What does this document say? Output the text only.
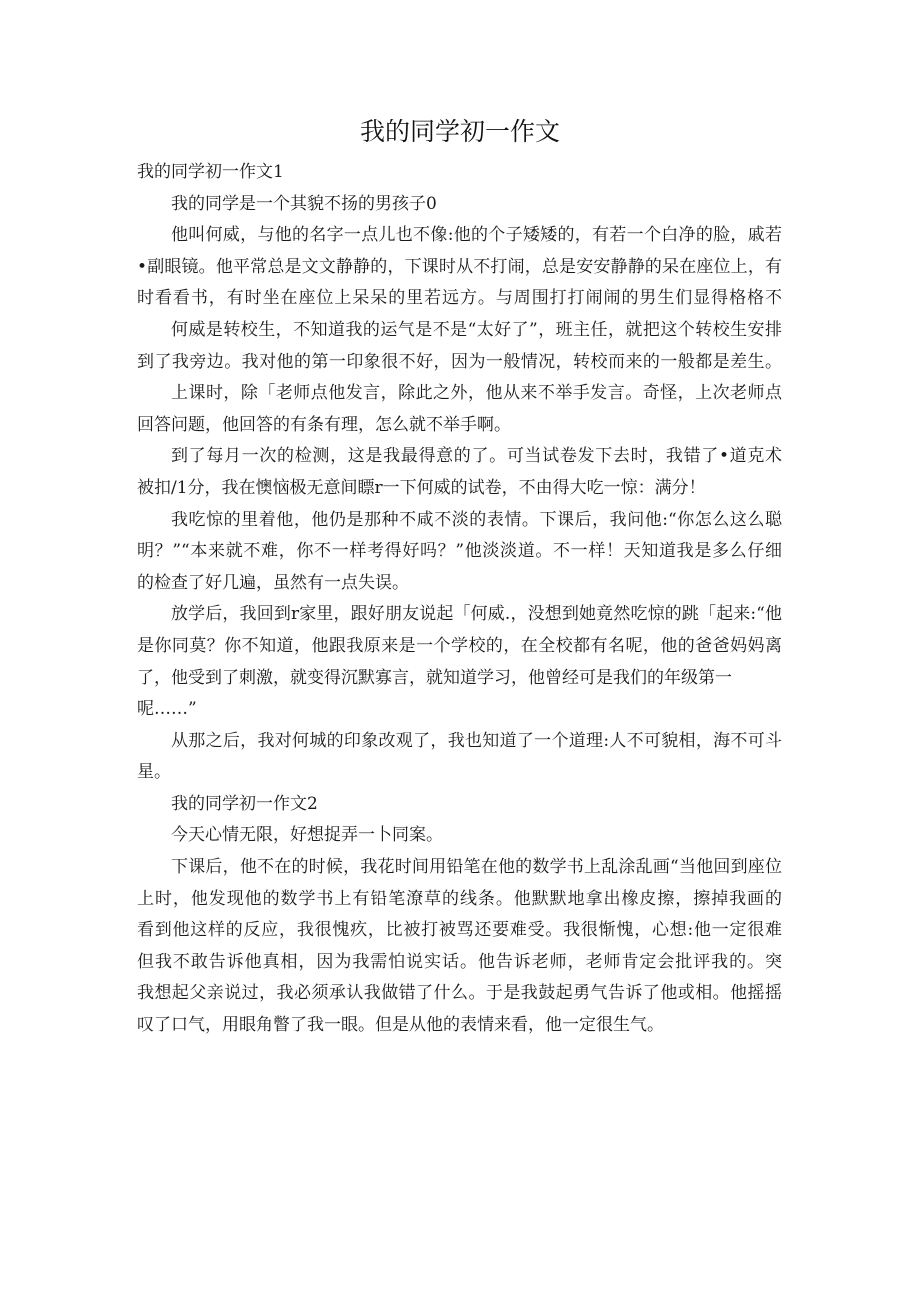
我的同学初一作文

我的同学初一作文1

我的同学是一个其貌不扬的男孩子0

他叫何威，与他的名字一点儿也不像:他的个子矮矮的，有若一个白净的脸，戚若

•副眼镜。他平常总是文文静静的，下课时从不打闹，总是安安静静的呆在座位上，有

时看看书，有时坐在座位上呆呆的里若远方。与周围打打闹闹的男生们显得格格不

何威是转校生，不知道我的运气是不是“太好了”，班主任，就把这个转校生安排

到了我旁边。我对他的第一印象很不好，因为一般情况，转校而来的一般都是差生。

上课时，除「老师点他发言，除此之外，他从来不举手发言。奇怪，上次老师点

回答问题，他回答的有条有理，怎么就不举手啊。

到了每月一次的检测，这是我最得意的了。可当试卷发下去时，我错了•道克术

被扣/1分，我在懊恼极无意间瞟r一下何威的试卷，不由得大吃一惊：满分！

我吃惊的里着他，他仍是那种不咸不淡的表情。下课后，我问他:“你怎么这么聪

明？”“本来就不难，你不一样考得好吗？”他淡淡道。不一样！天知道我是多么仔细

的检查了好几遍，虽然有一点失误。

放学后，我回到r家里，跟好朋友说起「何威.，没想到她竟然吃惊的跳「起来:“他

是你同莫？你不知道，他跟我原来是一个学校的，在全校都有名呢，他的爸爸妈妈离

了，他受到了刺激，就变得沉默寡言，就知道学习，他曾经可是我们的年级第一

呢……”

从那之后，我对何城的印象改观了，我也知道了一个道理:人不可貌相，海不可斗

星。

我的同学初一作文2

今天心情无限，好想捉弄一卜同案。

下课后，他不在的时候，我花时间用铅笔在他的数学书上乱涂乱画“当他回到座位

上时，他发现他的数学书上有铅笔潦草的线条。他默默地拿出橡皮擦，擦掉我画的

看到他这样的反应，我很愧疚，比被打被骂还要难受。我很惭愧，心想:他一定很难

但我不敢告诉他真相，因为我需怕说实话。他告诉老师，老师肯定会批评我的。突

我想起父亲说过，我必须承认我做错了什么。于是我鼓起勇气告诉了他或相。他摇摇

叹了口气，用眼角瞥了我一眼。但是从他的表情来看，他一定很生气。
